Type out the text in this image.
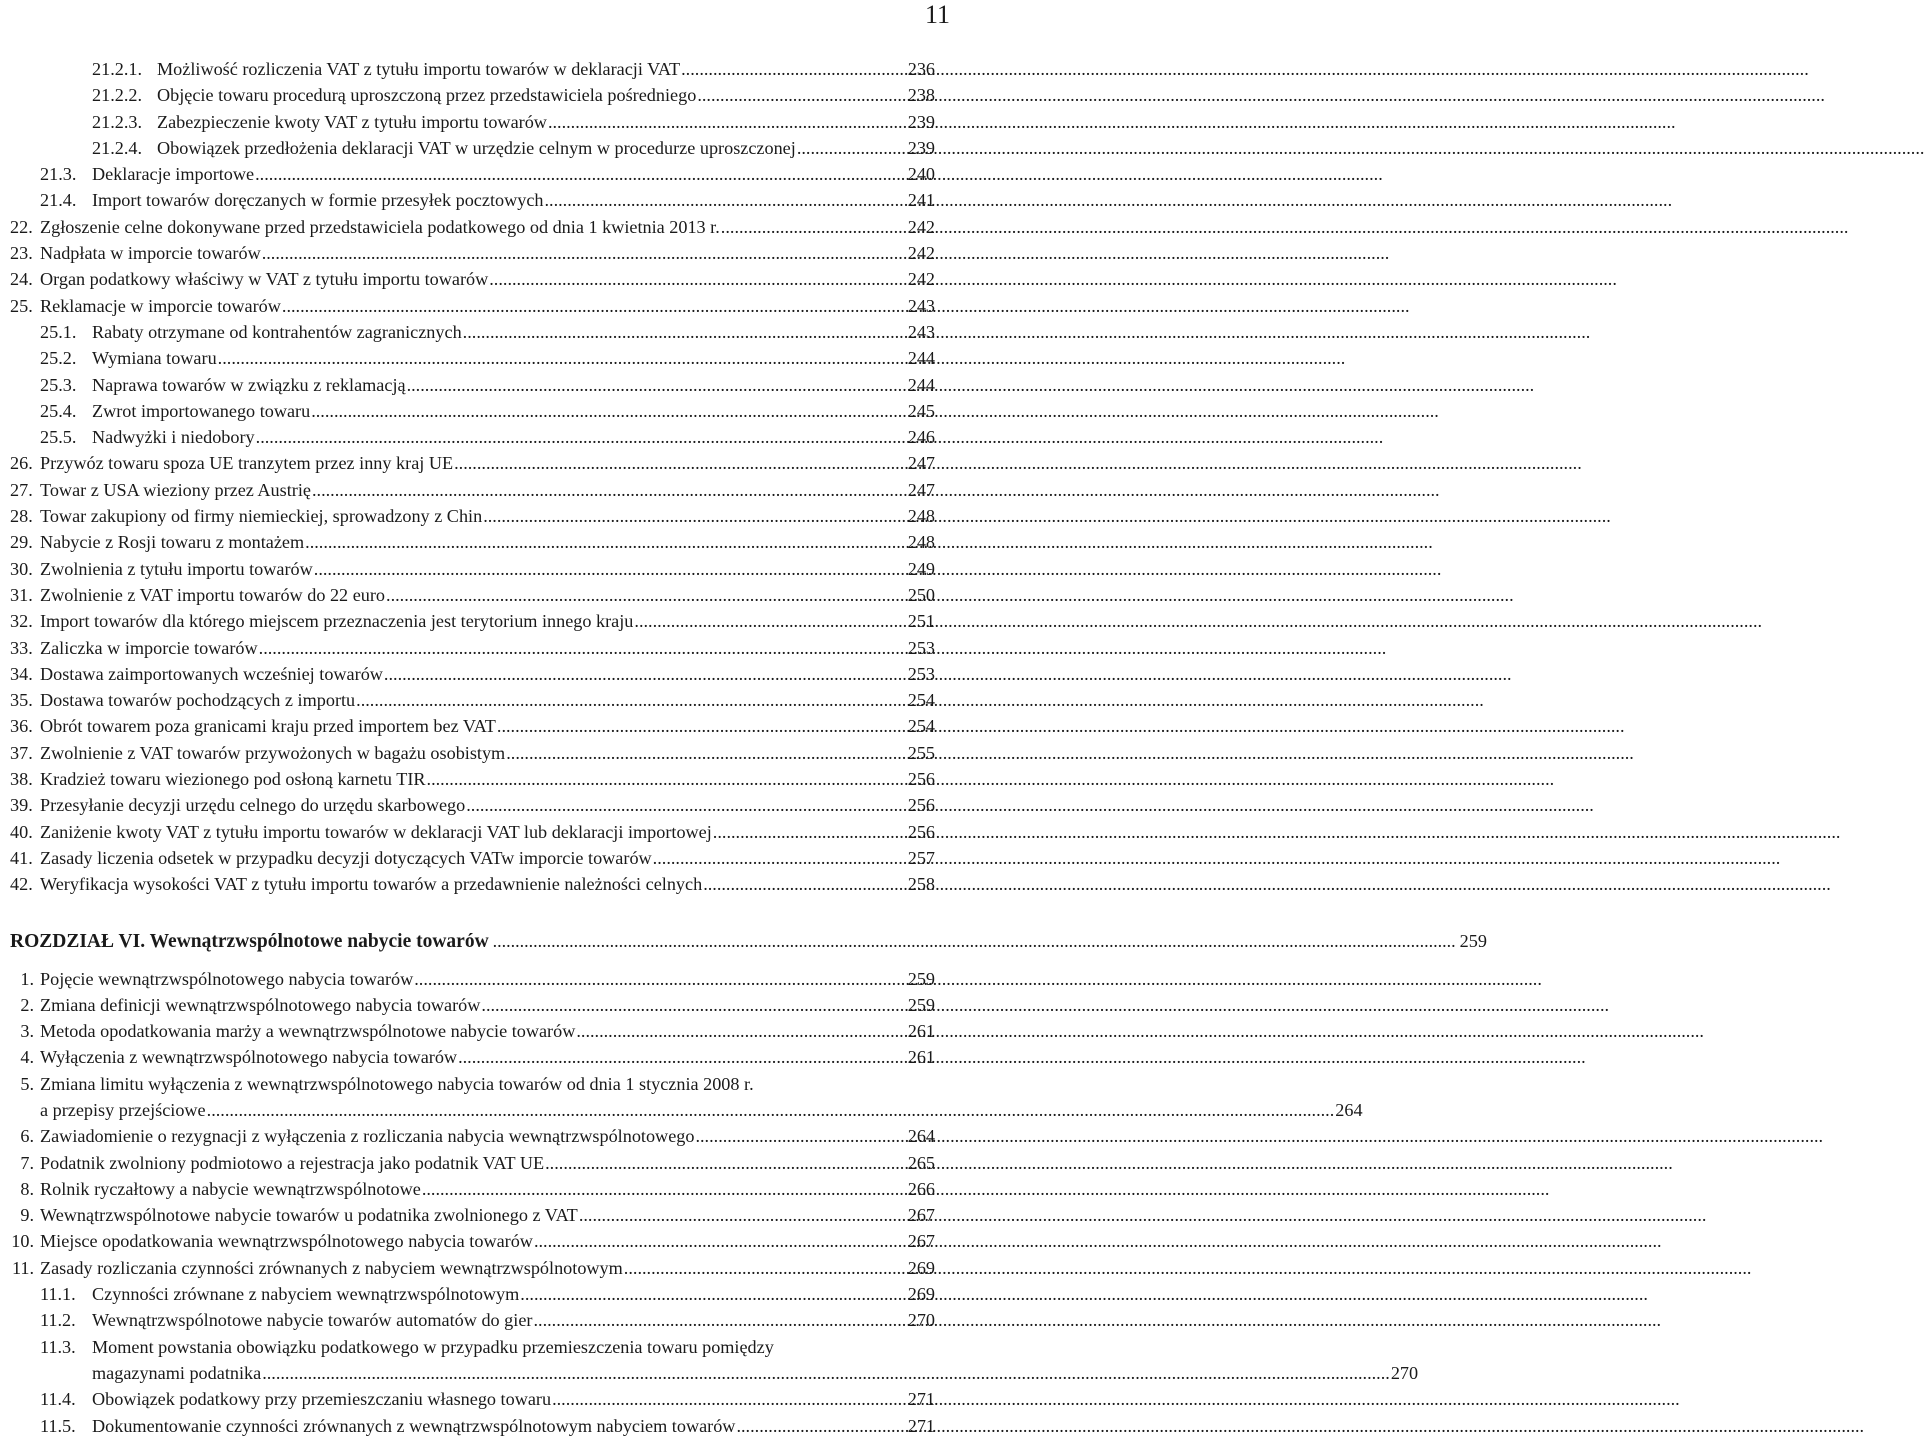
11
21.2.1. Możliwość rozliczenia VAT z tytułu importu towarów w deklaracji VAT .....	236
21.2.2. Objęcie towaru procedurą uproszczoną przez przedstawiciela pośredniego .....	238
21.2.3. Zabezpieczenie kwoty VAT z tytułu importu towarów .....	239
21.2.4. Obowiązek przedłożenia deklaracji VAT w urzędzie celnym w procedurze uproszczonej .....	239
21.3. Deklaracje importowe .....	240
21.4. Import towarów doręczanych w formie przesyłek pocztowych .....	241
22. Zgłoszenie celne dokonywane przed przedstawiciela podatkowego od dnia 1 kwietnia 2013 r. .....	242
23. Nadpłata w imporcie towarów .....	242
24. Organ podatkowy właściwy w VAT z tytułu importu towarów .....	242
25. Reklamacje w imporcie towarów .....	243
25.1. Rabaty otrzymane od kontrahentów zagranicznych .....	243
25.2. Wymiana towaru .....	244
25.3. Naprawa towarów w związku z reklamacją .....	244
25.4. Zwrot importowanego towaru .....	245
25.5. Nadwyżki i niedobory .....	246
26. Przywóz towaru spoza UE tranzytem przez inny kraj UE .....	247
27. Towar z USA wieziony przez Austrię .....	247
28. Towar zakupiony od firmy niemieckiej, sprowadzony z Chin .....	248
29. Nabycie z Rosji towaru z montażem .....	248
30. Zwolnienia z tytułu importu towarów .....	249
31. Zwolnienie z VAT importu towarów do 22 euro .....	250
32. Import towarów dla którego miejscem przeznaczenia jest terytorium innego kraju .....	251
33. Zaliczka w imporcie towarów .....	253
34. Dostawa zaimportowanych wcześniej towarów .....	253
35. Dostawa towarów pochodzących z importu .....	254
36. Obrót towarem poza granicami kraju przed importem bez VAT .....	254
37. Zwolnienie z VAT towarów przywożonych w bagażu osobistym .....	255
38. Kradzież towaru wiezionego pod osłoną karnetu TIR .....	256
39. Przesyłanie decyzji urzędu celnego do urzędu skarbowego .....	256
40. Zaniżenie kwoty VAT z tytułu importu towarów w deklaracji VAT lub deklaracji importowej .....	256
41. Zasady liczenia odsetek w przypadku decyzji dotyczących VATw imporcie towarów .....	257
42. Weryfikacja wysokości VAT z tytułu importu towarów a przedawnienie należności celnych .....	258
ROZDZIAŁ VI. Wewnątrzwspólnotowe nabycie towarów .....	259
1. Pojęcie wewnątrzwspólnotowego nabycia towarów .....	259
2. Zmiana definicji wewnątrzwspólnotowego nabycia towarów .....	259
3. Metoda opodatkowania marży a wewnątrzwspólnotowe nabycie towarów .....	261
4. Wyłączenia z wewnątrzwspólnotowego nabycia towarów .....	261
5. Zmiana limitu wyłączenia z wewnątrzwspólnotowego nabycia towarów od dnia 1 stycznia 2008 r.
a przepisy przejściowe .....	264
6. Zawiadomienie o rezygnacji z wyłączenia z rozliczania nabycia wewnątrzwspólnotowego .....	264
7. Podatnik zwolniony podmiotowo a rejestracja jako podatnik VAT UE .....	265
8. Rolnik ryczałtowy a nabycie wewnątrzwspólnotowe .....	266
9. Wewnątrzwspólnotowe nabycie towarów u podatnika zwolnionego z VAT .....	267
10. Miejsce opodatkowania wewnątrzwspólnotowego nabycia towarów .....	267
11. Zasady rozliczania czynności zrównanych z nabyciem wewnątrzwspólnotowym .....	269
11.1. Czynności zrównane z nabyciem wewnątrzwspólnotowym .....	269
11.2. Wewnątrzwspólnotowe nabycie towarów automatów do gier .....	270
11.3. Moment powstania obowiązku podatkowego w przypadku przemieszczenia towaru pomiędzy
magazynami podatnika .....	270
11.4. Obowiązek podatkowy przy przemieszczaniu własnego towaru .....	271
11.5. Dokumentowanie czynności zrównanych z wewnątrzwspólnotowym nabyciem towarów .....	271
